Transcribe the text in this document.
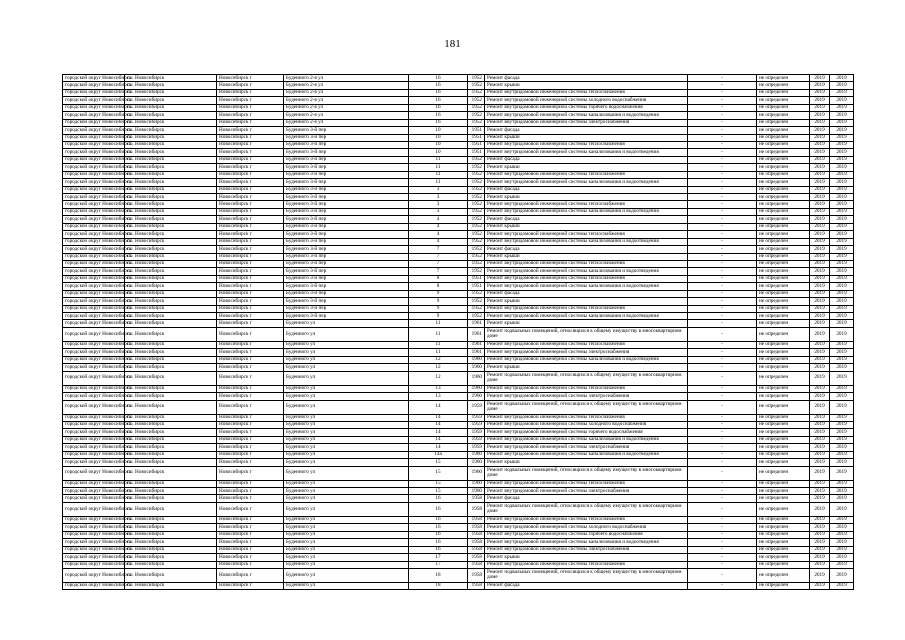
181
городской округ Новосибирск	г.о. Новосибирск	Новосибирск г	Буденного 2-я ул	16	1952	Ремонт фасада	-	не определен	2019	2019
городской округ Новосибирск	г.о. Новосибирск	Новосибирск г	Буденного 2-я ул	16	1952	Ремонт крыши	-	не определен	2019	2019
городской округ Новосибирск	г.о. Новосибирск	Новосибирск г	Буденного 2-я ул	16	1952	Ремонт внутридомовой инженерной системы теплоснабжения	-	не определен	2019	2019
городской округ Новосибирск	г.о. Новосибирск	Новосибирск г	Буденного 2-я ул	16	1952	Ремонт внутридомовой инженерной системы холодного водоснабжения	-	не определен	2019	2019
городской округ Новосибирск	г.о. Новосибирск	Новосибирск г	Буденного 2-я ул	16	1952	Ремонт внутридомовой инженерной системы горячего водоснабжения	-	не определен	2019	2019
городской округ Новосибирск	г.о. Новосибирск	Новосибирск г	Буденного 2-я ул	16	1952	Ремонт внутридомовой инженерной системы канализования и водоотведения	-	не определен	2019	2019
городской округ Новосибирск	г.о. Новосибирск	Новосибирск г	Буденного 2-я ул	16	1952	Ремонт внутридомовой инженерной системы электроснабжения	-	не определен	2019	2019
городской округ Новосибирск	г.о. Новосибирск	Новосибирск г	Буденного 3-й пер	10	1951	Ремонт фасада	-	не определен	2019	2019
городской округ Новосибирск	г.о. Новосибирск	Новосибирск г	Буденного 3-й пер	10	1951	Ремонт крыши	-	не определен	2019	2019
городской округ Новосибирск	г.о. Новосибирск	Новосибирск г	Буденного 3-й пер	10	1951	Ремонт внутридомовой инженерной системы теплоснабжения	-	не определен	2019	2019
городской округ Новосибирск	г.о. Новосибирск	Новосибирск г	Буденного 3-й пер	10	1951	Ремонт внутридомовой инженерной системы канализования и водоотведения	-	не определен	2019	2019
городской округ Новосибирск	г.о. Новосибирск	Новосибирск г	Буденного 3-й пер	11	1952	Ремонт фасада	-	не определен	2019	2019
городской округ Новосибирск	г.о. Новосибирск	Новосибирск г	Буденного 3-й пер	11	1952	Ремонт крыши	-	не определен	2019	2019
городской округ Новосибирск	г.о. Новосибирск	Новосибирск г	Буденного 3-й пер	11	1952	Ремонт внутридомовой инженерной системы теплоснабжения	-	не определен	2019	2019
городской округ Новосибирск	г.о. Новосибирск	Новосибирск г	Буденного 3-й пер	11	1952	Ремонт внутридомовой инженерной системы канализования и водоотведения	-	не определен	2019	2019
городской округ Новосибирск	г.о. Новосибирск	Новосибирск г	Буденного 3-й пер	3	1952	Ремонт фасада	-	не определен	2019	2019
городской округ Новосибирск	г.о. Новосибирск	Новосибирск г	Буденного 3-й пер	3	1952	Ремонт крыши	-	не определен	2019	2019
городской округ Новосибирск	г.о. Новосибирск	Новосибирск г	Буденного 3-й пер	3	1952	Ремонт внутридомовой инженерной системы теплоснабжения	-	не определен	2019	2019
городской округ Новосибирск	г.о. Новосибирск	Новосибирск г	Буденного 3-й пер	3	1952	Ремонт внутридомовой инженерной системы канализования и водоотведения	-	не определен	2019	2019
городской округ Новосибирск	г.о. Новосибирск	Новосибирск г	Буденного 3-й пер	4	1952	Ремонт фасада	-	не определен	2019	2019
городской округ Новосибирск	г.о. Новосибирск	Новосибирск г	Буденного 3-й пер	4	1952	Ремонт крыши	-	не определен	2019	2019
городской округ Новосибирск	г.о. Новосибирск	Новосибирск г	Буденного 3-й пер	4	1952	Ремонт внутридомовой инженерной системы теплоснабжения	-	не определен	2019	2019
городской округ Новосибирск	г.о. Новосибирск	Новосибирск г	Буденного 3-й пер	4	1952	Ремонт внутридомовой инженерной системы канализования и водоотведения	-	не определен	2019	2019
городской округ Новосибирск	г.о. Новосибирск	Новосибирск г	Буденного 3-й пер	7	1952	Ремонт фасада	-	не определен	2019	2019
городской округ Новосибирск	г.о. Новосибирск	Новосибирск г	Буденного 3-й пер	7	1952	Ремонт крыши	-	не определен	2019	2019
городской округ Новосибирск	г.о. Новосибирск	Новосибирск г	Буденного 3-й пер	7	1952	Ремонт внутридомовой инженерной системы теплоснабжения	-	не определен	2019	2019
городской округ Новосибирск	г.о. Новосибирск	Новосибирск г	Буденного 3-й пер	7	1952	Ремонт внутридомовой инженерной системы канализования и водоотведения	-	не определен	2019	2019
городской округ Новосибирск	г.о. Новосибирск	Новосибирск г	Буденного 3-й пер	8	1951	Ремонт внутридомовой инженерной системы теплоснабжения	-	не определен	2019	2019
городской округ Новосибирск	г.о. Новосибирск	Новосибирск г	Буденного 3-й пер	8	1951	Ремонт внутридомовой инженерной системы канализования и водоотведения	-	не определен	2019	2019
городской округ Новосибирск	г.о. Новосибирск	Новосибирск г	Буденного 3-й пер	9	1952	Ремонт фасада	-	не определен	2019	2019
городской округ Новосибирск	г.о. Новосибирск	Новосибирск г	Буденного 3-й пер	9	1952	Ремонт крыши	-	не определен	2019	2019
городской округ Новосибирск	г.о. Новосибирск	Новосибирск г	Буденного 3-й пер	9	1952	Ремонт внутридомовой инженерной системы теплоснабжения	-	не определен	2019	2019
городской округ Новосибирск	г.о. Новосибирск	Новосибирск г	Буденного 3-й пер	9	1952	Ремонт внутридомовой инженерной системы канализования и водоотведения	-	не определен	2019	2019
городской округ Новосибирск	г.о. Новосибирск	Новосибирск г	Буденного ул	11	1961	Ремонт крыши	-	не определен	2019	2019
городской округ Новосибирск	г.о. Новосибирск	Новосибирск г	Буденного ул	11	1961	Ремонт подвальных помещений, относящихся к общему имуществу в многоквартирном доме	-	не определен	2019	2019
городской округ Новосибирск	г.о. Новосибирск	Новосибирск г	Буденного ул	11	1961	Ремонт внутридомовой инженерной системы теплоснабжения	-	не определен	2019	2019
городской округ Новосибирск	г.о. Новосибирск	Новосибирск г	Буденного ул	11	1961	Ремонт внутридомовой инженерной системы электроснабжения	-	не определен	2019	2019
городской округ Новосибирск	г.о. Новосибирск	Новосибирск г	Буденного ул	12	1960	Ремонт внутридомовой инженерной системы канализования и водоотведения	-	не определен	2019	2019
городской округ Новосибирск	г.о. Новосибирск	Новосибирск г	Буденного ул	12	1960	Ремонт крыши	-	не определен	2019	2019
городской округ Новосибирск	г.о. Новосибирск	Новосибирск г	Буденного ул	12	1960	Ремонт подвальных помещений, относящихся к общему имуществу в многоквартирном доме	-	не определен	2019	2019
городской округ Новосибирск	г.о. Новосибирск	Новосибирск г	Буденного ул	13	1960	Ремонт внутридомовой инженерной системы теплоснабжения	-	не определен	2019	2019
городской округ Новосибирск	г.о. Новосибирск	Новосибирск г	Буденного ул	13	1960	Ремонт внутридомовой инженерной системы электроснабжения	-	не определен	2019	2019
городской округ Новосибирск	г.о. Новосибирск	Новосибирск г	Буденного ул	14	1959	Ремонт подвальных помещений, относящихся к общему имуществу в многоквартирном доме	-	не определен	2019	2019
городской округ Новосибирск	г.о. Новосибирск	Новосибирск г	Буденного ул	14	1959	Ремонт внутридомовой инженерной системы теплоснабжения	-	не определен	2019	2019
городской округ Новосибирск	г.о. Новосибирск	Новосибирск г	Буденного ул	14	1959	Ремонт внутридомовой инженерной системы холодного водоснабжения	-	не определен	2019	2019
городской округ Новосибирск	г.о. Новосибирск	Новосибирск г	Буденного ул	14	1959	Ремонт внутридомовой инженерной системы горячего водоснабжения	-	не определен	2019	2019
городской округ Новосибирск	г.о. Новосибирск	Новосибирск г	Буденного ул	14	1959	Ремонт внутридомовой инженерной системы канализования и водоотведения	-	не определен	2019	2019
городской округ Новосибирск	г.о. Новосибирск	Новосибирск г	Буденного ул	14	1959	Ремонт внутридомовой инженерной системы электроснабжения	-	не определен	2019	2019
городской округ Новосибирск	г.о. Новосибирск	Новосибирск г	Буденного ул	14а	1960	Ремонт внутридомовой инженерной системы канализования и водоотведения	-	не определен	2019	2019
городской округ Новосибирск	г.о. Новосибирск	Новосибирск г	Буденного ул	15	1960	Ремонт крыши	-	не определен	2019	2019
городской округ Новосибирск	г.о. Новосибирск	Новосибирск г	Буденного ул	15	1960	Ремонт подвальных помещений, относящихся к общему имуществу в многоквартирном доме	-	не определен	2019	2019
городской округ Новосибирск	г.о. Новосибирск	Новосибирск г	Буденного ул	15	1960	Ремонт внутридомовой инженерной системы теплоснабжения	-	не определен	2019	2019
городской округ Новосибирск	г.о. Новосибирск	Новосибирск г	Буденного ул	15	1960	Ремонт внутридомовой инженерной системы электроснабжения	-	не определен	2019	2019
городской округ Новосибирск	г.о. Новосибирск	Новосибирск г	Буденного ул	16	1958	Ремонт фасада	-	не определен	2019	2019
городской округ Новосибирск	г.о. Новосибирск	Новосибирск г	Буденного ул	16	1958	Ремонт подвальных помещений, относящихся к общему имуществу в многоквартирном доме	-	не определен	2019	2019
городской округ Новосибирск	г.о. Новосибирск	Новосибирск г	Буденного ул	16	1958	Ремонт внутридомовой инженерной системы теплоснабжения	-	не определен	2019	2019
городской округ Новосибирск	г.о. Новосибирск	Новосибирск г	Буденного ул	16	1958	Ремонт внутридомовой инженерной системы холодного водоснабжения	-	не определен	2019	2019
городской округ Новосибирск	г.о. Новосибирск	Новосибирск г	Буденного ул	16	1958	Ремонт внутридомовой инженерной системы горячего водоснабжения	-	не определен	2019	2019
городской округ Новосибирск	г.о. Новосибирск	Новосибирск г	Буденного ул	16	1958	Ремонт внутридомовой инженерной системы канализования и водоотведения	-	не определен	2019	2019
городской округ Новосибирск	г.о. Новосибирск	Новосибирск г	Буденного ул	16	1958	Ремонт внутридомовой инженерной системы электроснабжения	-	не определен	2019	2019
городской округ Новосибирск	г.о. Новосибирск	Новосибирск г	Буденного ул	17	1958	Ремонт крыши	-	не определен	2019	2019
городской округ Новосибирск	г.о. Новосибирск	Новосибирск г	Буденного ул	17	1958	Ремонт внутридомовой инженерной системы теплоснабжения	-	не определен	2019	2019
городской округ Новосибирск	г.о. Новосибирск	Новосибирск г	Буденного ул	18	1958	Ремонт подвальных помещений, относящихся к общему имуществу в многоквартирном доме	-	не определен	2019	2019
городской округ Новосибирск	г.о. Новосибирск	Новосибирск г	Буденного ул	18	1958	Ремонт фасада	-	не определен	2019	2019
